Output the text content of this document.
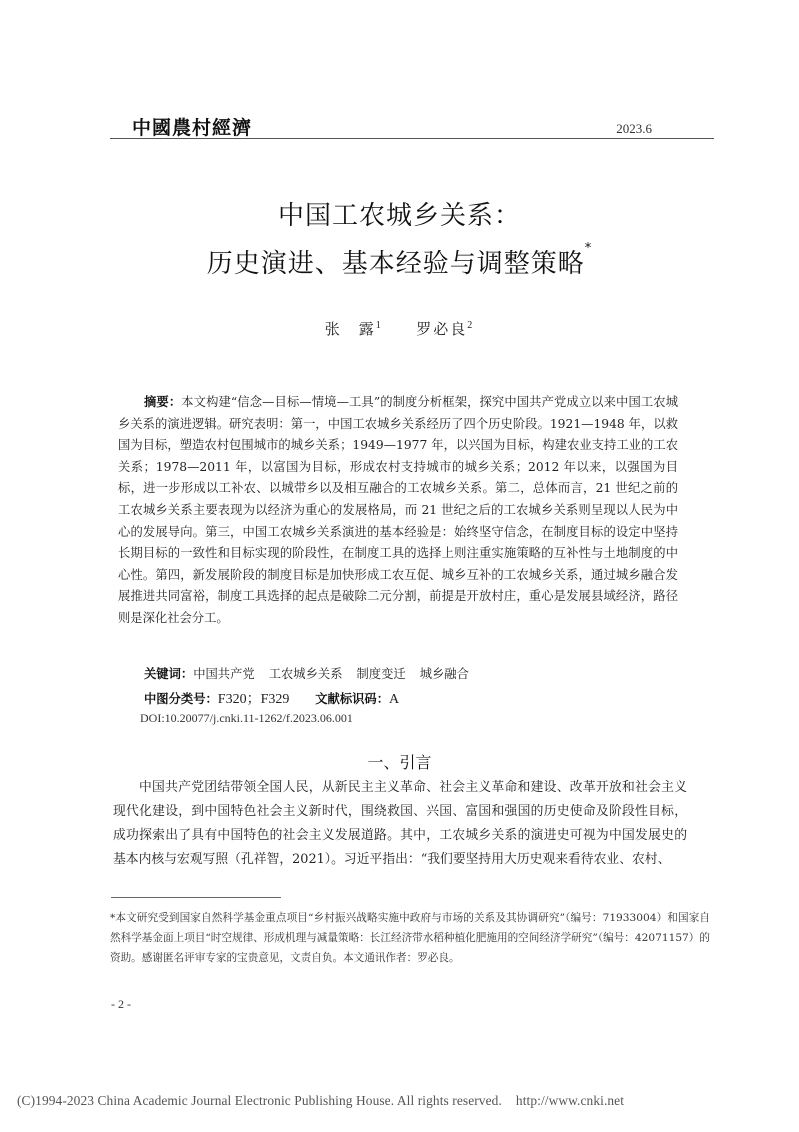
中國農村經濟	2023.6
中国工农城乡关系：
历史演进、基本经验与调整策略*
张　露$^1$ 罗必良$^2$
摘要：本文构建“信念—目标—情境—工具”的制度分析框架，探究中国共产党成立以来中国工农城乡关系的演进逻辑。研究表明：第一，中国工农城乡关系经历了四个历史阶段。1921—1948 年，以救国为目标，塑造农村包围城市的城乡关系；1949—1977 年，以兴国为目标，构建农业支持工业的工农关系；1978—2011 年，以富国为目标，形成农村支持城市的城乡关系；2012 年以来，以强国为目标，进一步形成以工补农、以城带乡以及相互融合的工农城乡关系。第二，总体而言，21 世纪之前的工农城乡关系主要表现为以经济为重心的发展格局，而 21 世纪之后的工农城乡关系则呈现以人民为中心的发展导向。第三，中国工农城乡关系演进的基本经验是：始终坚守信念，在制度目标的设定中坚持长期目标的一致性和目标实现的阶段性，在制度工具的选择上则注重实施策略的互补性与土地制度的中心性。第四，新发展阶段的制度目标是加快形成工农互促、城乡互补的工农城乡关系，通过城乡融合发展推进共同富裕，制度工具选择的起点是破除二元分割，前提是开放村庄，重心是发展县域经济，路径则是深化社会分工。
关键词：中国共产党 工农城乡关系 制度变迁 城乡融合
中图分类号：F320；F329 文献标识码：A
DOI:10.20077/j.cnki.11-1262/f.2023.06.001
一、引言
中国共产党团结带领全国人民，从新民主主义革命、社会主义革命和建设、改革开放和社会主义现代化建设，到中国特色社会主义新时代，围绕救国、兴国、富国和强国的历史使命及阶段性目标，成功探索出了具有中国特色的社会主义发展道路。其中，工农城乡关系的演进史可视为中国发展史的基本内核与宏观写照（孔祥智，2021）。习近平指出：“我们要坚持用大历史观来看待农业、农村、
*本文研究受到国家自然科学基金重点项目“乡村振兴战略实施中政府与市场的关系及其协调研究”（编号：71933004）和国家自然科学基金面上项目“时空规律、形成机理与减量策略：长江经济带水稻种植化肥施用的空间经济学研究”（编号：42071157）的资助。感谢匿名评审专家的宝贵意见，文责自负。本文通讯作者：罗必良。
- 2 -
(C)1994-2023 China Academic Journal Electronic Publishing House. All rights reserved. http://www.cnki.net
